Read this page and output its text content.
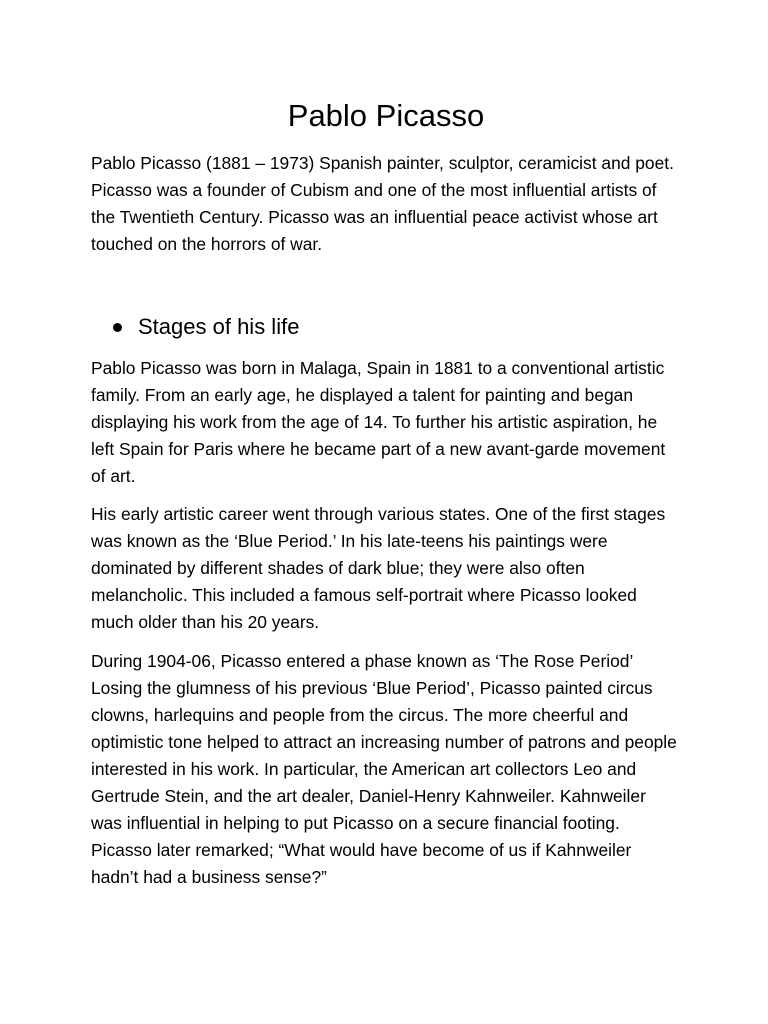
Pablo Picasso

Pablo Picasso (1881 – 1973) Spanish painter, sculptor, ceramicist and poet. Picasso was a founder of Cubism and one of the most influential artists of the Twentieth Century. Picasso was an influential peace activist whose art touched on the horrors of war.

Stages of his life

Pablo Picasso was born in Malaga, Spain in 1881 to a conventional artistic family. From an early age, he displayed a talent for painting and began displaying his work from the age of 14. To further his artistic aspiration, he left Spain for Paris where he became part of a new avant-garde movement of art.

His early artistic career went through various states. One of the first stages was known as the ‘Blue Period.’ In his late-teens his paintings were dominated by different shades of dark blue; they were also often melancholic. This included a famous self-portrait where Picasso looked much older than his 20 years.

During 1904-06, Picasso entered a phase known as ‘The Rose Period’ Losing the glumness of his previous ‘Blue Period’, Picasso painted circus clowns, harlequins and people from the circus. The more cheerful and optimistic tone helped to attract an increasing number of patrons and people interested in his work. In particular, the American art collectors Leo and Gertrude Stein, and the art dealer, Daniel-Henry Kahnweiler. Kahnweiler was influential in helping to put Picasso on a secure financial footing. Picasso later remarked; “What would have become of us if Kahnweiler hadn’t had a business sense?”
